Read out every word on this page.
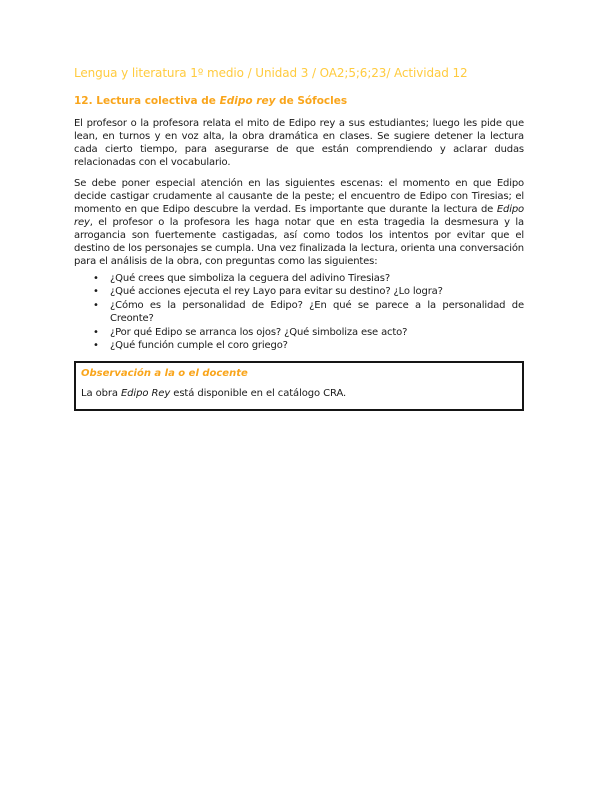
Lengua y literatura 1º medio / Unidad 3 / OA2;5;6;23/ Actividad 12
12. Lectura colectiva de Edipo rey de Sófocles

El profesor o la profesora relata el mito de Edipo rey a sus estudiantes; luego les pide que lean, en turnos y en voz alta, la obra dramática en clases. Se sugiere detener la lectura cada cierto tiempo, para asegurarse de que están comprendiendo y aclarar dudas relacionadas con el vocabulario.

Se debe poner especial atención en las siguientes escenas: el momento en que Edipo decide castigar crudamente al causante de la peste; el encuentro de Edipo con Tiresias; el momento en que Edipo descubre la verdad. Es importante que durante la lectura de Edipo rey, el profesor o la profesora les haga notar que en esta tragedia la desmesura y la arrogancia son fuertemente castigadas, así como todos los intentos por evitar que el destino de los personajes se cumpla. Una vez finalizada la lectura, orienta una conversación para el análisis de la obra, con preguntas como las siguientes:

• ¿Qué crees que simboliza la ceguera del adivino Tiresias?
• ¿Qué acciones ejecuta el rey Layo para evitar su destino? ¿Lo logra?
• ¿Cómo es la personalidad de Edipo? ¿En qué se parece a la personalidad de Creonte?
• ¿Por qué Edipo se arranca los ojos? ¿Qué simboliza ese acto?
• ¿Qué función cumple el coro griego?
Observación a la o el docente
La obra Edipo Rey está disponible en el catálogo CRA.
